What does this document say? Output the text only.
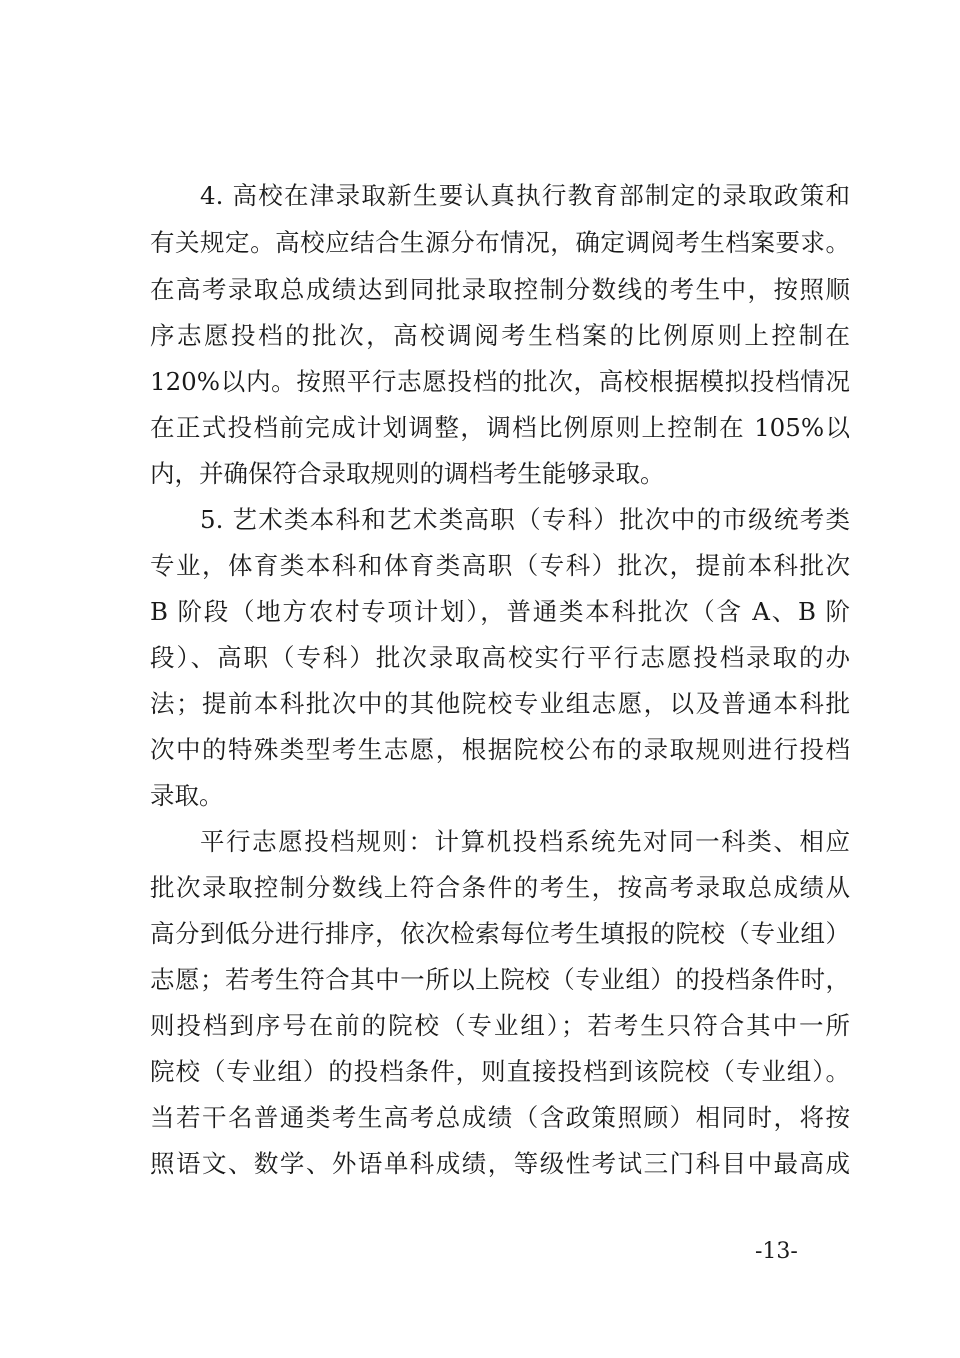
4. 高校在津录取新生要认真执行教育部制定的录取政策和
有关规定。高校应结合生源分布情况，确定调阅考生档案要求。
在高考录取总成绩达到同批录取控制分数线的考生中，按照顺
序志愿投档的批次，高校调阅考生档案的比例原则上控制在
120%以内。按照平行志愿投档的批次，高校根据模拟投档情况
在正式投档前完成计划调整，调档比例原则上控制在 105%以
内，并确保符合录取规则的调档考生能够录取。
5. 艺术类本科和艺术类高职（专科）批次中的市级统考类
专业，体育类本科和体育类高职（专科）批次，提前本科批次
B 阶段（地方农村专项计划），普通类本科批次（含 A、B 阶
段）、高职（专科）批次录取高校实行平行志愿投档录取的办
法；提前本科批次中的其他院校专业组志愿，以及普通本科批
次中的特殊类型考生志愿，根据院校公布的录取规则进行投档
录取。
平行志愿投档规则：计算机投档系统先对同一科类、相应
批次录取控制分数线上符合条件的考生，按高考录取总成绩从
高分到低分进行排序，依次检索每位考生填报的院校（专业组）
志愿；若考生符合其中一所以上院校（专业组）的投档条件时，
则投档到序号在前的院校（专业组）；若考生只符合其中一所
院校（专业组）的投档条件，则直接投档到该院校（专业组）。
当若干名普通类考生高考总成绩（含政策照顾）相同时，将按
照语文、数学、外语单科成绩，等级性考试三门科目中最高成
-13-
